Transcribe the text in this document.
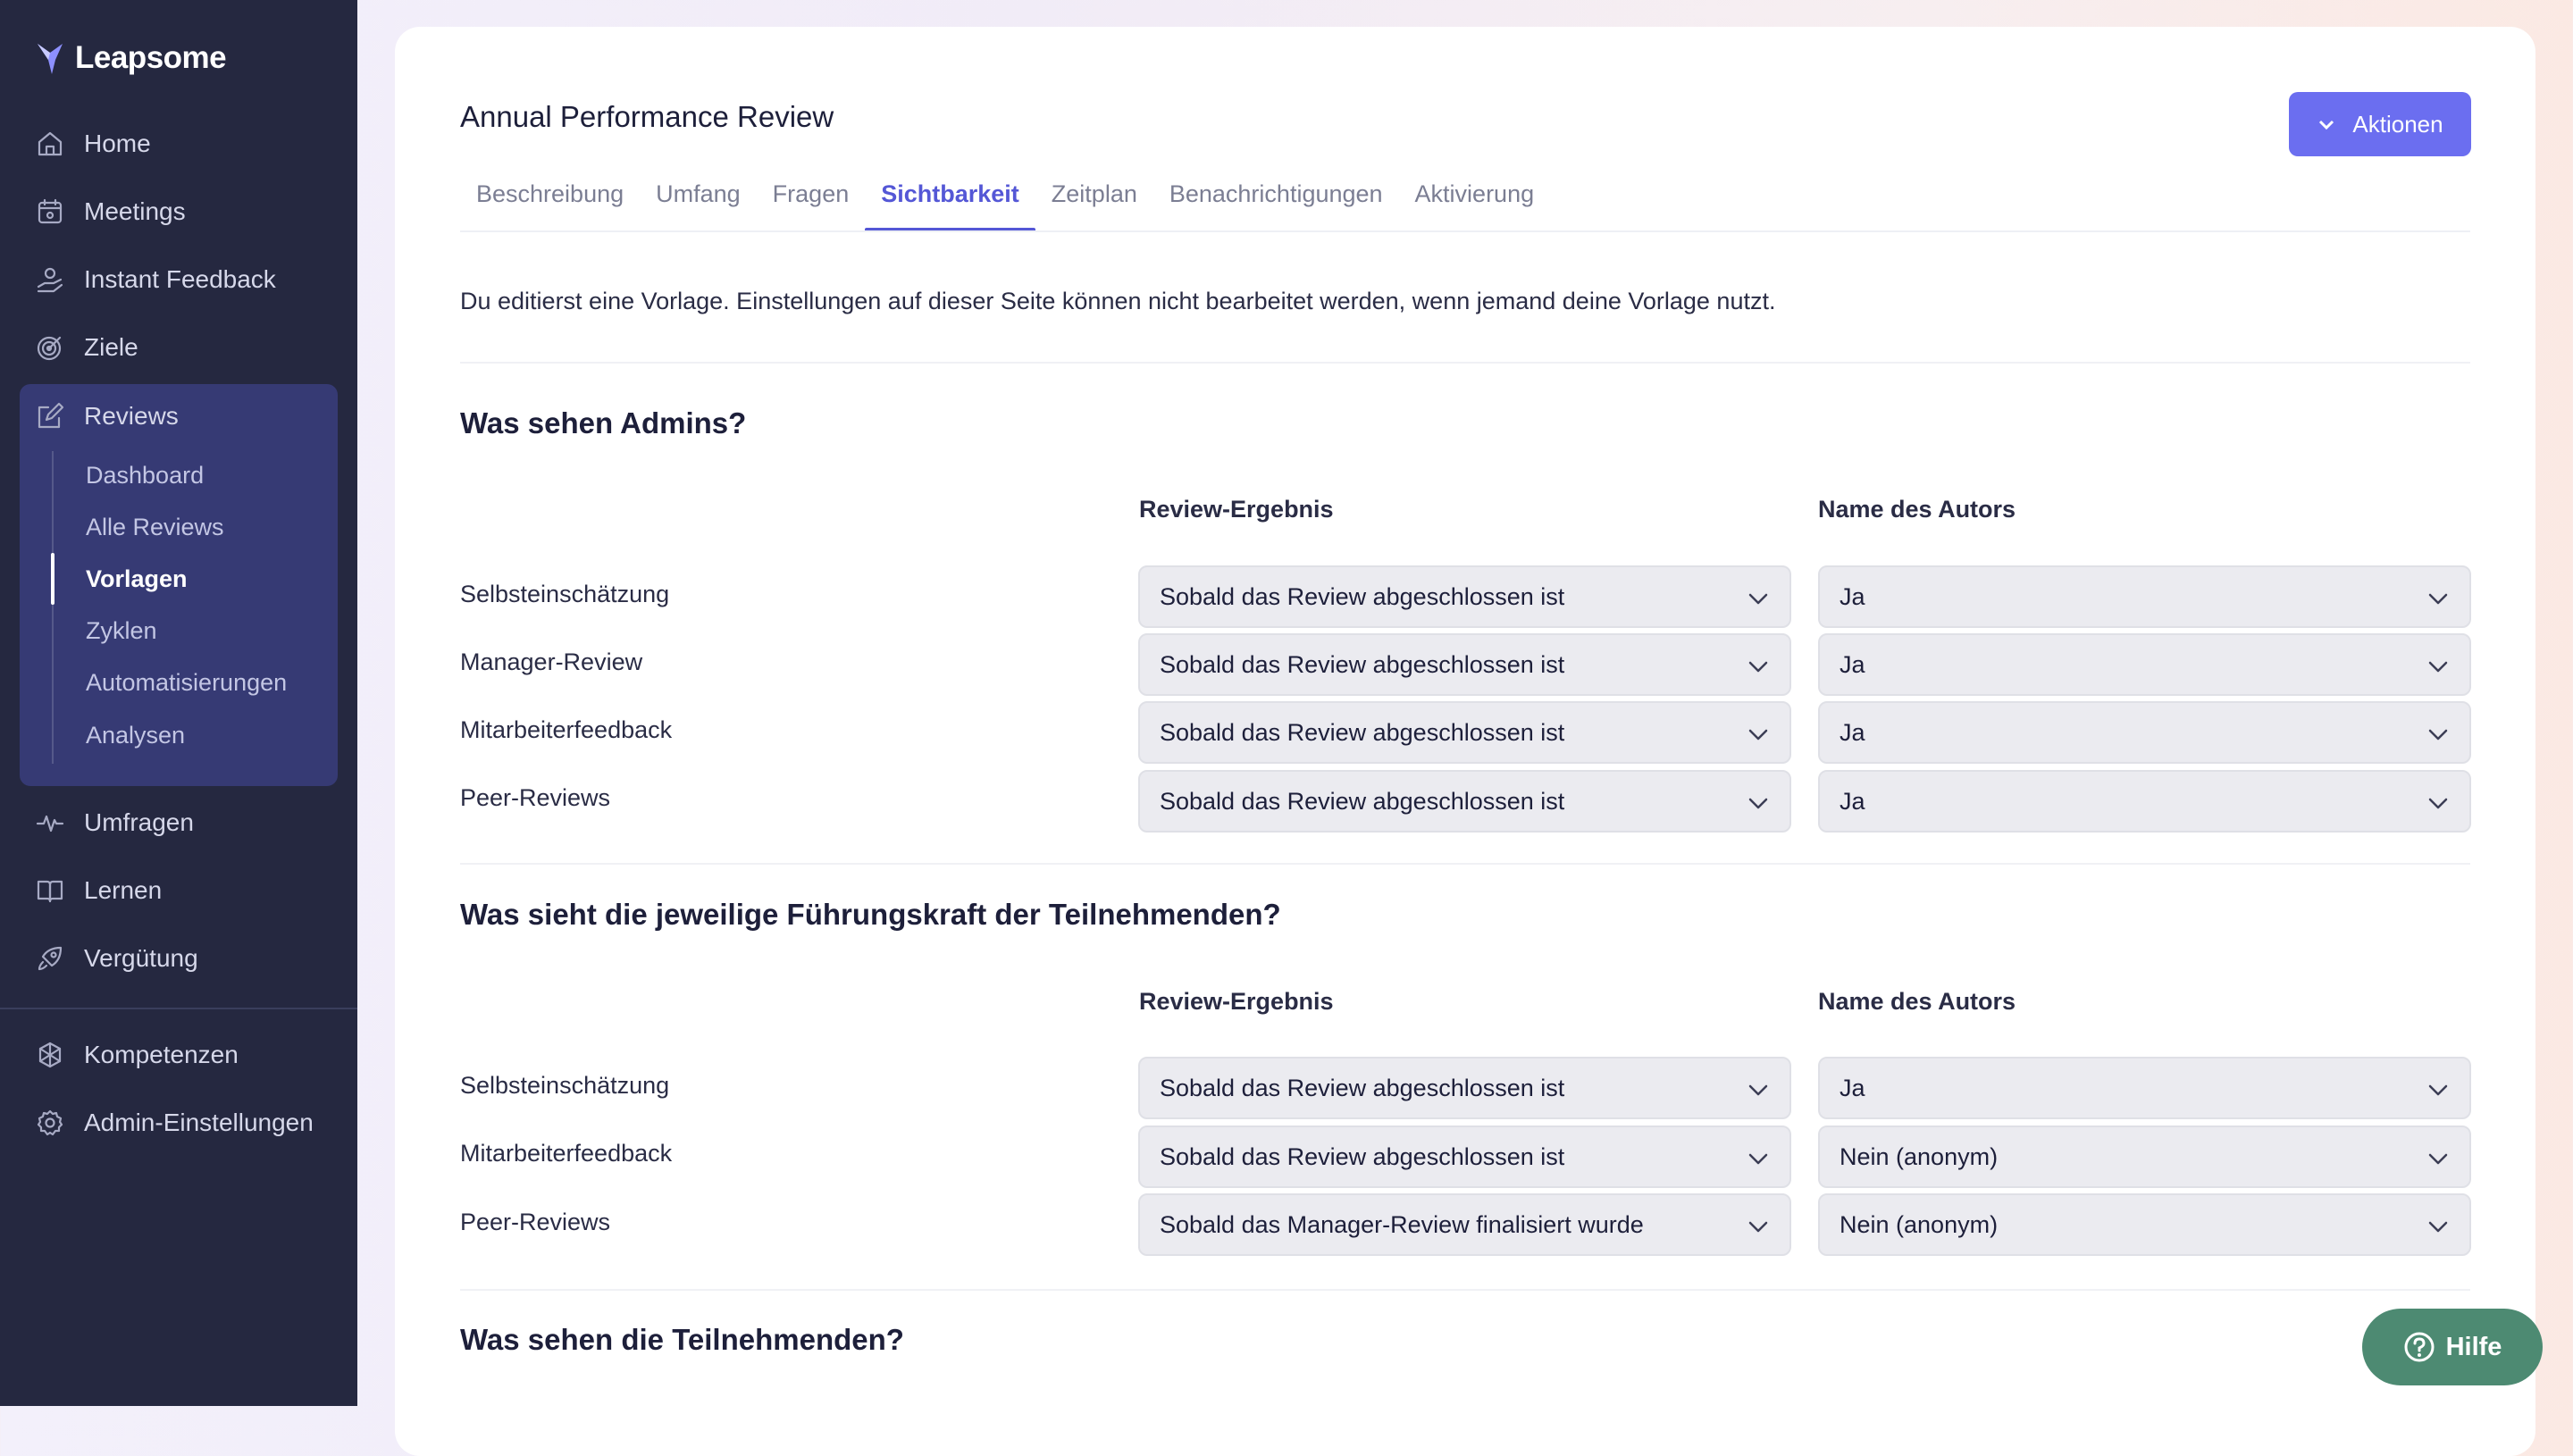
Leapsome
Home
Meetings
Instant Feedback
Ziele
Reviews
Dashboard
Alle Reviews
Vorlagen
Zyklen
Automatisierungen
Analysen
Umfragen
Lernen
Vergütung
Kompetenzen
Admin-Einstellungen
Annual Performance Review	Aktionen
Beschreibung	Umfang	Fragen	Sichtbarkeit	Zeitplan	Benachrichtigungen	Aktivierung
Du editierst eine Vorlage. Einstellungen auf dieser Seite können nicht bearbeitet werden, wenn jemand deine Vorlage nutzt.
Was sehen Admins?
Review-Ergebnis	Name des Autors
Selbsteinschätzung	Sobald das Review abgeschlossen ist	Ja
Manager-Review	Sobald das Review abgeschlossen ist	Ja
Mitarbeiterfeedback	Sobald das Review abgeschlossen ist	Ja
Peer-Reviews	Sobald das Review abgeschlossen ist	Ja
Was sieht die jeweilige Führungskraft der Teilnehmenden?
Review-Ergebnis	Name des Autors
Selbsteinschätzung	Sobald das Review abgeschlossen ist	Ja
Mitarbeiterfeedback	Sobald das Review abgeschlossen ist	Nein (anonym)
Peer-Reviews	Sobald das Manager-Review finalisiert wurde	Nein (anonym)
Was sehen die Teilnehmenden?	Hilfe
